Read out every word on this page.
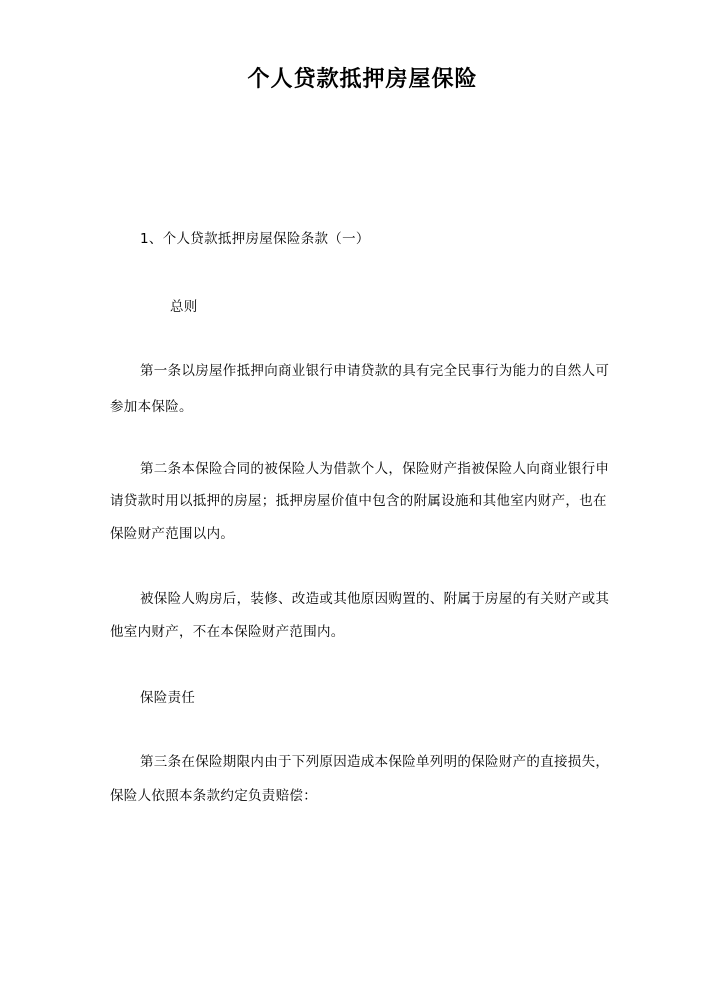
个人贷款抵押房屋保险

1、个人贷款抵押房屋保险条款（一）

总则

第一条以房屋作抵押向商业银行申请贷款的具有完全民事行为能力的自然人可

参加本保险。

第二条本保险合同的被保险人为借款个人，保险财产指被保险人向商业银行申

请贷款时用以抵押的房屋；抵押房屋价值中包含的附属设施和其他室内财产，也在

保险财产范围以内。

被保险人购房后，装修、改造或其他原因购置的、附属于房屋的有关财产或其

他室内财产，不在本保险财产范围内。

保险责任

第三条在保险期限内由于下列原因造成本保险单列明的保险财产的直接损失，

保险人依照本条款约定负责赔偿：
